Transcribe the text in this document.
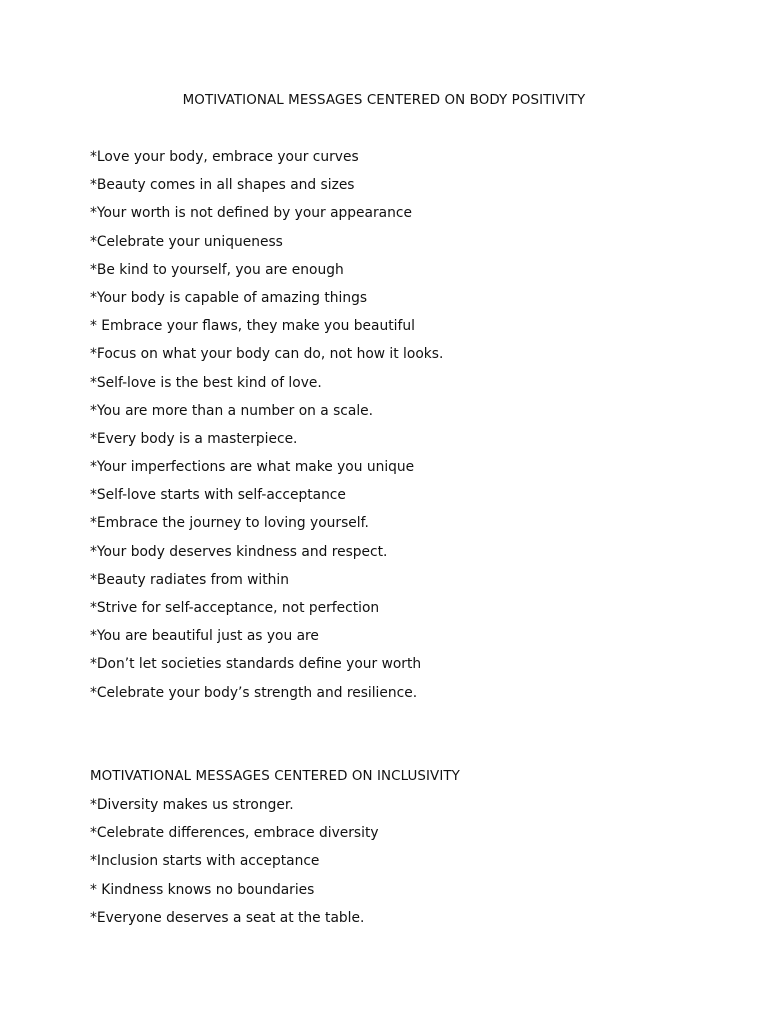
MOTIVATIONAL MESSAGES CENTERED ON BODY POSITIVITY
*Love your body, embrace your curves
*Beauty comes in all shapes and sizes
*Your worth is not defined by your appearance
*Celebrate your uniqueness
*Be kind to yourself, you are enough
*Your body is capable of amazing things
* Embrace your flaws, they make you beautiful
*Focus on what your body can do, not how it looks.
*Self-love is the best kind of love.
*You are more than a number on a scale.
*Every body is a masterpiece.
*Your imperfections are what make you unique
*Self-love starts with self-acceptance
*Embrace the journey to loving yourself.
*Your body deserves kindness and respect.
*Beauty radiates from within
*Strive for self-acceptance, not perfection
*You are beautiful just as you are
*Don’t let societies standards define your worth
*Celebrate your body’s strength and resilience.
MOTIVATIONAL MESSAGES CENTERED ON INCLUSIVITY
*Diversity makes us stronger.
*Celebrate differences, embrace diversity
*Inclusion starts with acceptance
* Kindness knows no boundaries
*Everyone deserves a seat at the table.
